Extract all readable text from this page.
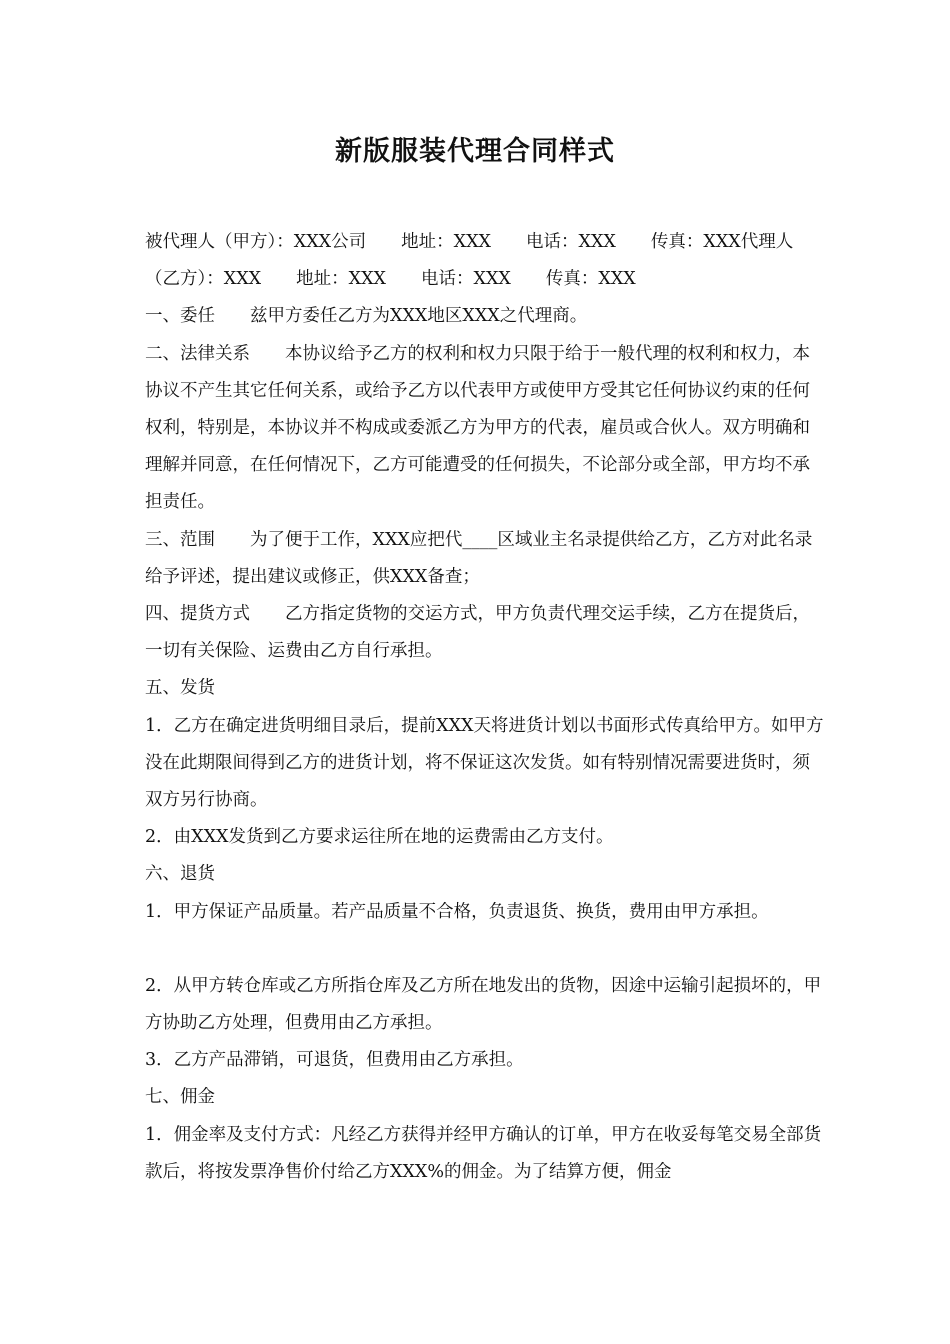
新版服装代理合同样式

被代理人（甲方）：XXX公司　　地址：XXX　　电话：XXX　　传真：XXX代理人（乙方）：XXX　　地址：XXX　　电话：XXX　　传真：XXX

一、委任　　兹甲方委任乙方为XXX地区XXX之代理商。

二、法律关系　　本协议给予乙方的权利和权力只限于给于一般代理的权利和权力，本协议不产生其它任何关系，或给予乙方以代表甲方或使甲方受其它任何协议约束的任何权利，特别是，本协议并不构成或委派乙方为甲方的代表，雇员或合伙人。双方明确和理解并同意，在任何情况下，乙方可能遭受的任何损失，不论部分或全部，甲方均不承担责任。

三、范围　　为了便于工作，XXX应把代____区域业主名录提供给乙方，乙方对此名录给予评述，提出建议或修正，供XXX备查；

四、提货方式　　乙方指定货物的交运方式，甲方负责代理交运手续，乙方在提货后，一切有关保险、运费由乙方自行承担。

五、发货

1．乙方在确定进货明细目录后，提前XXX天将进货计划以书面形式传真给甲方。如甲方没在此期限间得到乙方的进货计划，将不保证这次发货。如有特别情况需要进货时，须双方另行协商。

2．由XXX发货到乙方要求运往所在地的运费需由乙方支付。

六、退货

1．甲方保证产品质量。若产品质量不合格，负责退货、换货，费用由甲方承担。

2．从甲方转仓库或乙方所指仓库及乙方所在地发出的货物，因途中运输引起损坏的，甲方协助乙方处理，但费用由乙方承担。

3．乙方产品滞销，可退货，但费用由乙方承担。

七、佣金

1．佣金率及支付方式：凡经乙方获得并经甲方确认的订单，甲方在收妥每笔交易全部货款后，将按发票净售价付给乙方XXX%的佣金。为了结算方便，佣金
